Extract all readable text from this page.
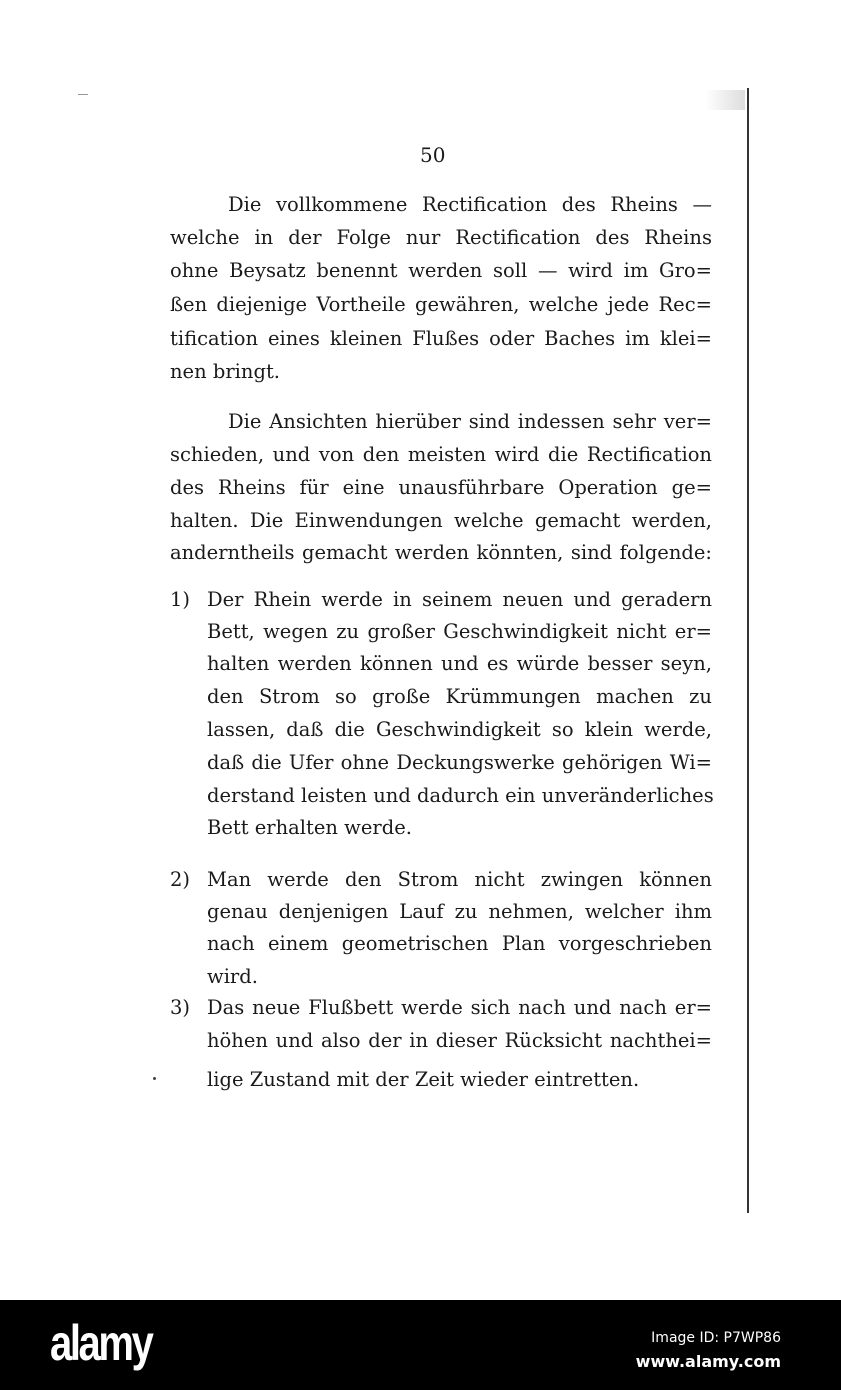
50
Die vollkommene Rectification des Rheins —
welche in der Folge nur Rectification des Rheins
ohne Beysatz benennt werden soll — wird im Gro=
ßen diejenige Vortheile gewähren, welche jede Rec=
tification eines kleinen Flußes oder Baches im klei=
nen bringt.
Die Ansichten hierüber sind indessen sehr ver=
schieden, und von den meisten wird die Rectification
des Rheins für eine unausführbare Operation ge=
halten. Die Einwendungen welche gemacht werden,
anderntheils gemacht werden könnten, sind folgende:
1) Der Rhein werde in seinem neuen und geradern
Bett, wegen zu großer Geschwindigkeit nicht er=
halten werden können und es würde besser seyn,
den Strom so große Krümmungen machen zu
lassen, daß die Geschwindigkeit so klein werde,
daß die Ufer ohne Deckungswerke gehörigen Wi=
derstand leisten und dadurch ein unveränderliches
Bett erhalten werde.
2) Man werde den Strom nicht zwingen können
genau denjenigen Lauf zu nehmen, welcher ihm
nach einem geometrischen Plan vorgeschrieben
wird.
3) Das neue Flußbett werde sich nach und nach er=
höhen und also der in dieser Rücksicht nachthei=
lige Zustand mit der Zeit wieder eintretten.
alamy	Image ID: P7WP86
www.alamy.com
